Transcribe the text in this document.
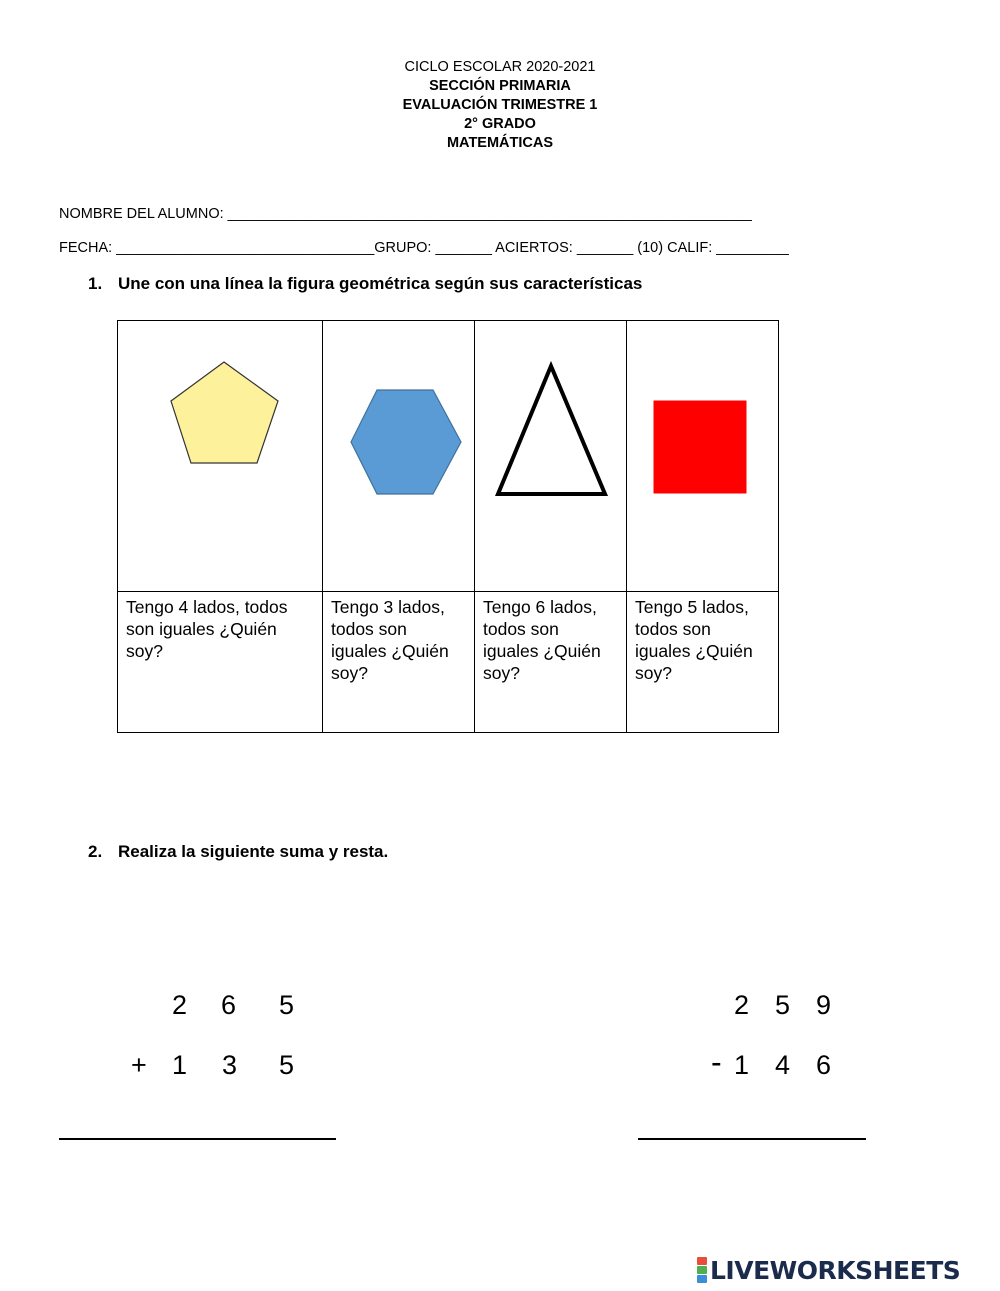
CICLO ESCOLAR 2020-2021
SECCIÓN PRIMARIA
EVALUACIÓN TRIMESTRE 1
2° GRADO
MATEMÁTICAS
NOMBRE DEL ALUMNO: _________________________________________________________________
FECHA: ________________________________GRUPO: _______ ACIERTOS: _______ (10) CALIF: _________
1. Une con una línea la figura geométrica según sus características

Tengo 4 lados, todos son iguales ¿Quién soy?	Tengo 3 lados, todos son iguales ¿Quién soy?	Tengo 6 lados, todos son iguales ¿Quién soy?	Tengo 5 lados, todos son iguales ¿Quién soy?
2. Realiza la siguiente suma y resta.
2 6 5
+ 1 3 5
2 5 9
- 1 4 6
LIVEWORKSHEETS
